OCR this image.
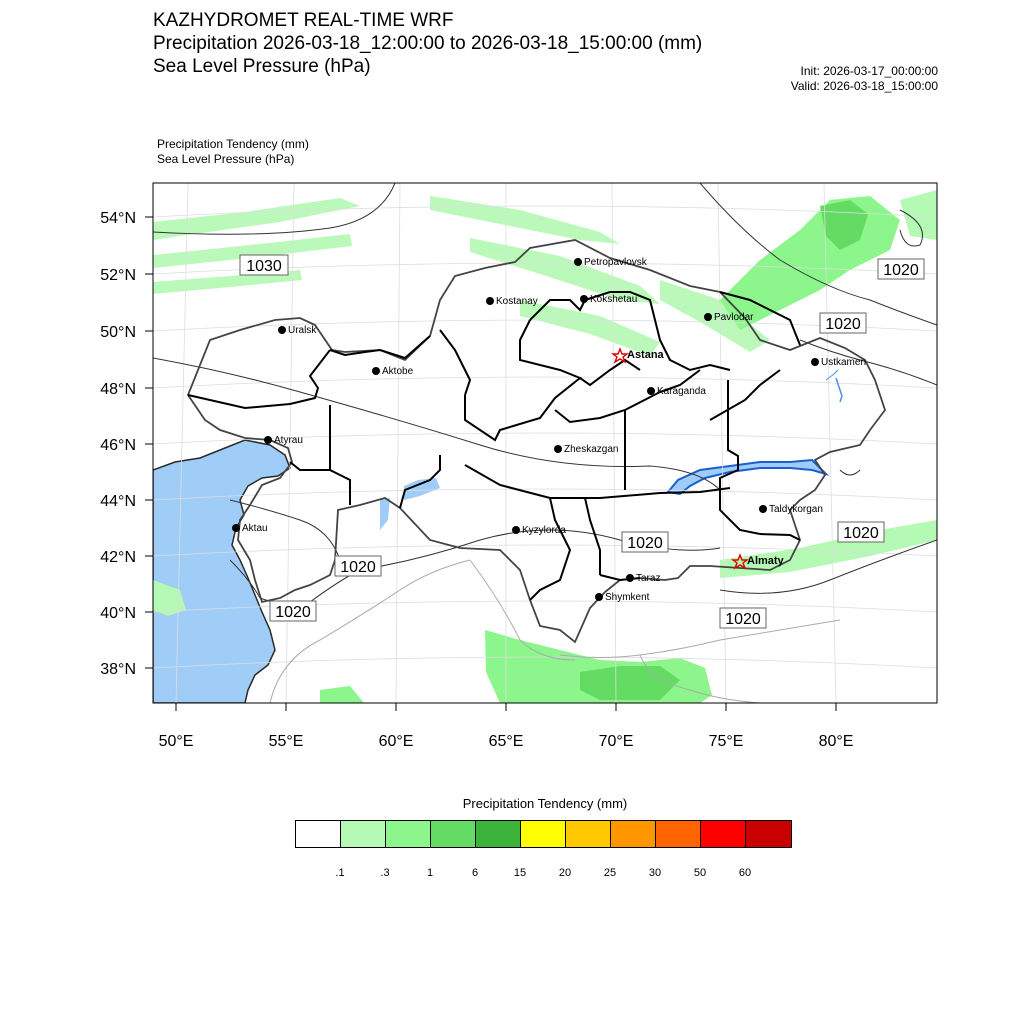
KAZHYDROMET REAL-TIME WRF
Precipitation 2026-03-18_12:00:00 to 2026-03-18_15:00:00 (mm)
Sea Level Pressure (hPa)	Init: 2026-03-17_00:00:00
Valid: 2026-03-18_15:00:00
Precipitation Tendency (mm)
Sea Level Pressure (hPa)
54°N
52°N
50°N
48°N
46°N
44°N
42°N
40°N
38°N
50°E	55°E	60°E	65°E	70°E	75°E	80°E
1030	1020
1020
1020
1020
1020
1020	1020
Petropavlovsk
Kostanay	Kokshetau
Pavlodar
Uralsk
Astana
Ustkamen
Aktobe
Karaganda
Atyrau
Zheskazgan
Aktau	Kyzylorda
Taldykorgan
Almaty
Taraz
Shymkent
Precipitation Tendency (mm)
.1	.3	1	6	15	20	25	30	50	60
